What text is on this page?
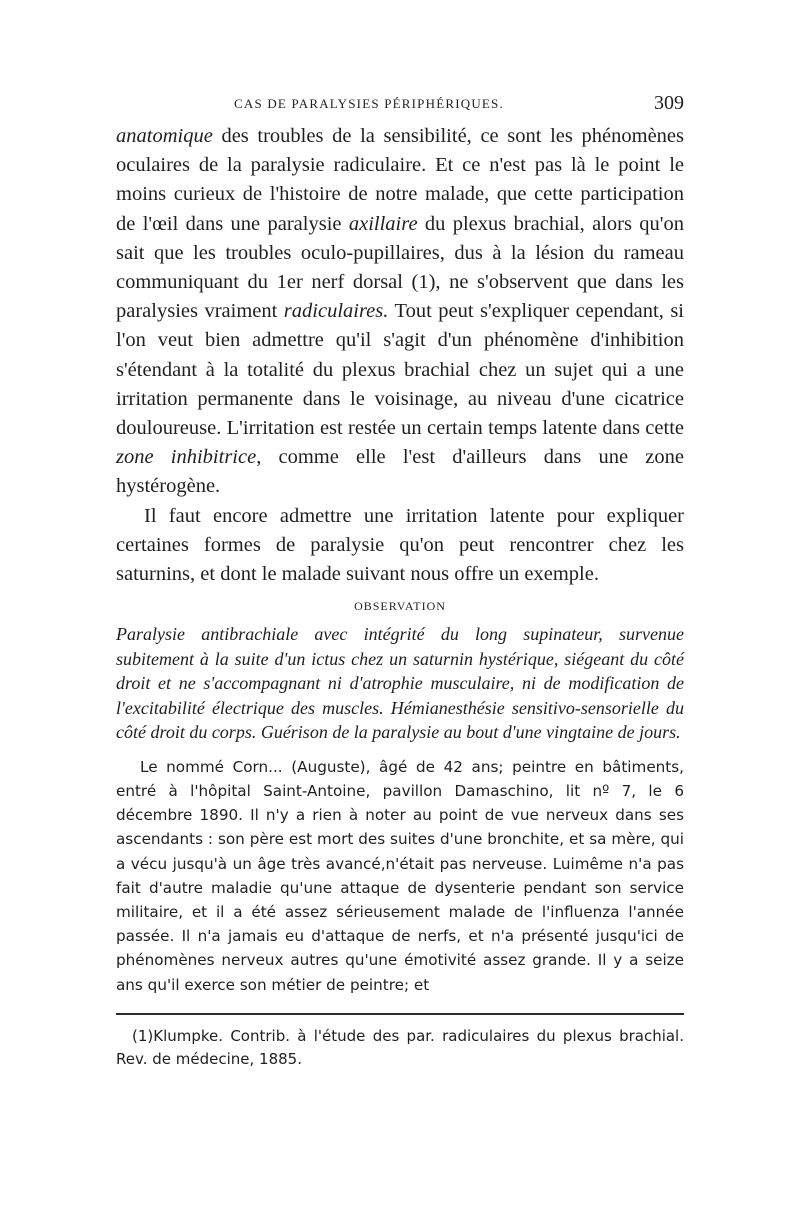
CAS DE PARALYSIES PÉRIPHÉRIQUES.	309

anatomique des troubles de la sensibilité, ce sont les phénomènes oculaires de la paralysie radiculaire. Et ce n'est pas là le point le moins curieux de l'histoire de notre malade, que cette participation de l'œil dans une paralysie axillaire du plexus brachial, alors qu'on sait que les troubles oculo-pupillaires, dus à la lésion du rameau communiquant du 1er nerf dorsal (1), ne s'observent que dans les paralysies vraiment radiculaires. Tout peut s'expliquer cependant, si l'on veut bien admettre qu'il s'agit d'un phénomène d'inhibition s'étendant à la totalité du plexus brachial chez un sujet qui a une irritation permanente dans le voisinage, au niveau d'une cicatrice douloureuse. L'irritation est restée un certain temps latente dans cette zone inhibitrice, comme elle l'est d'ailleurs dans une zone hystérogène.

Il faut encore admettre une irritation latente pour expliquer certaines formes de paralysie qu'on peut rencontrer chez les saturnins, et dont le malade suivant nous offre un exemple.

OBSERVATION

Paralysie antibrachiale avec intégrité du long supinateur, survenue subitement à la suite d'un ictus chez un saturnin hystérique, siégeant du côté droit et ne s'accompagnant ni d'atrophie musculaire, ni de modification de l'excitabilité électrique des muscles. Hémianesthésie sensitivo-sensorielle du côté droit du corps. Guérison de la paralysie au bout d'une vingtaine de jours.

Le nommé Corn... (Auguste), âgé de 42 ans; peintre en bâtiments, entré à l'hôpital Saint-Antoine, pavillon Damaschino, lit nº 7, le 6 décembre 1890. Il n'y a rien à noter au point de vue nerveux dans ses ascendants : son père est mort des suites d'une bronchite, et sa mère, qui a vécu jusqu'à un âge très avancé,n'était pas nerveuse. Luimême n'a pas fait d'autre maladie qu'une attaque de dysenterie pendant son service militaire, et il a été assez sérieusement malade de l'influenza l'année passée. Il n'a jamais eu d'attaque de nerfs, et n'a présenté jusqu'ici de phénomènes nerveux autres qu'une émotivité assez grande. Il y a seize ans qu'il exerce son métier de peintre; et

(1)Klumpke. Contrib. à l'étude des par. radiculaires du plexus brachial. Rev. de médecine, 1885.
